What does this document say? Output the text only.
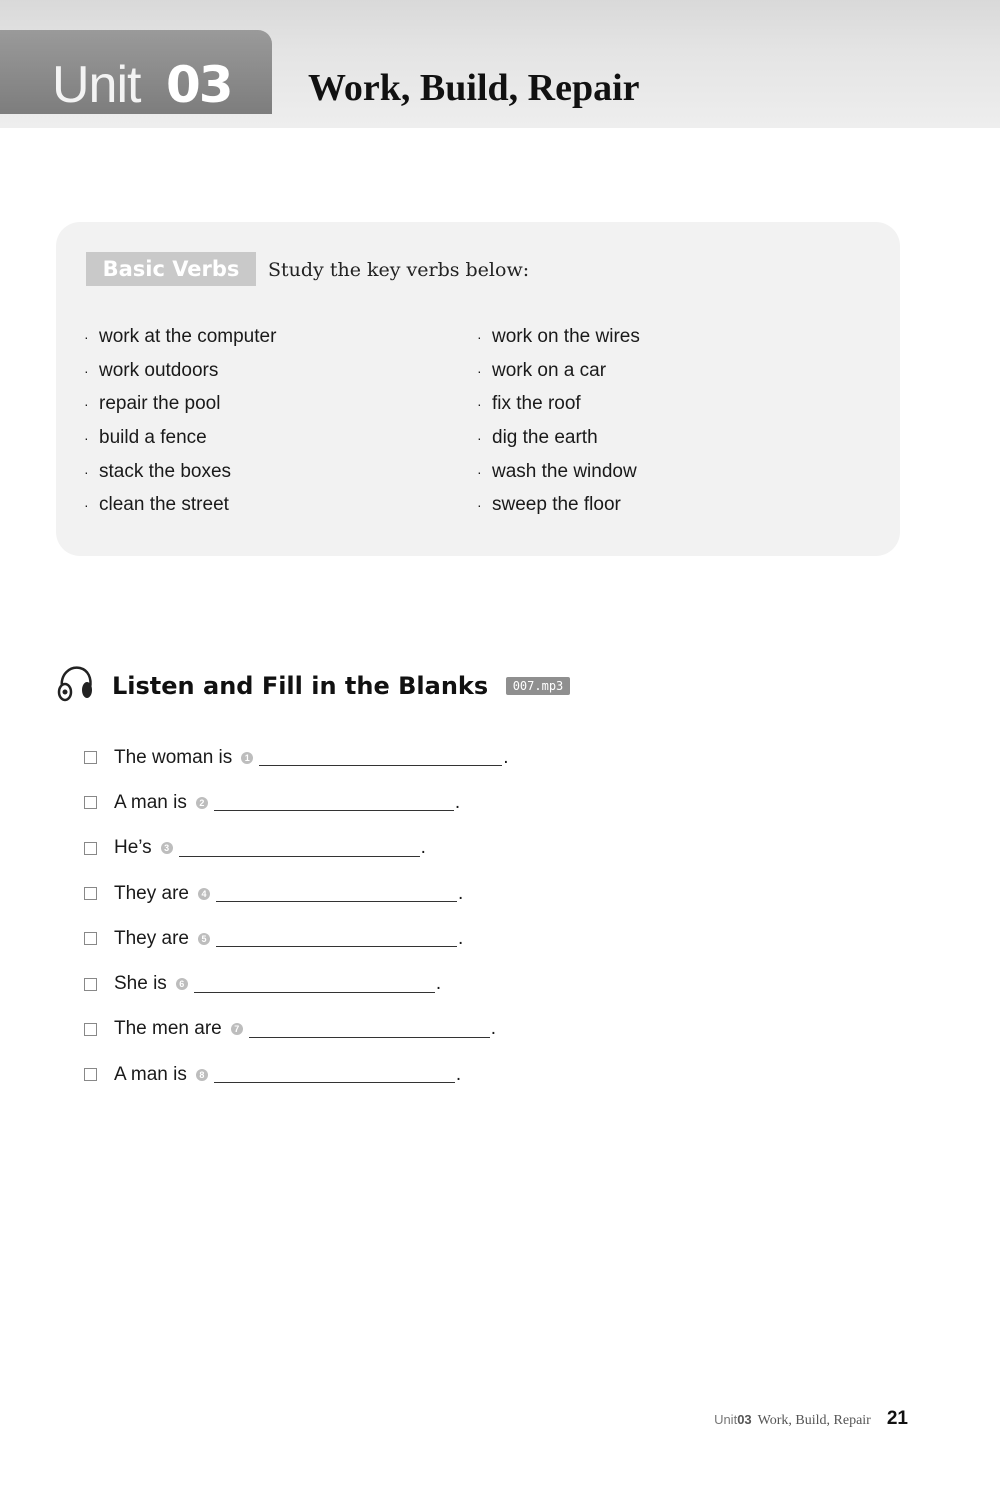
Unit 03 Work, Build, Repair
Basic Verbs	Study the key verbs below:
· work at the computer
· work outdoors
· repair the pool
· build a fence
· stack the boxes
· clean the street
· work on the wires
· work on a car
· fix the roof
· dig the earth
· wash the window
· sweep the floor
Listen and Fill in the Blanks	007.mp3
The woman is	1	.
A man is	2	.
He’s	3	.
They are	4	.
They are	5	.
She is	6	.
The men are	7	.
A man is	8	.
Unit 03 Work, Build, Repair 21
